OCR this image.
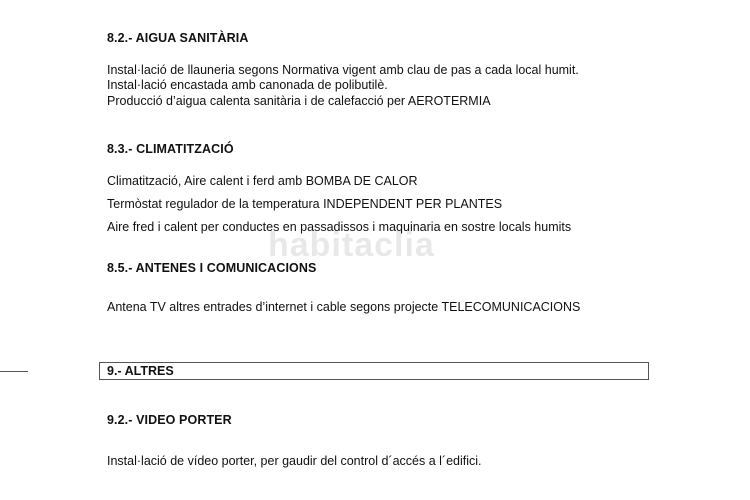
habitaclia
8.2.- AIGUA SANITÀRIA
Instal·lació de llauneria segons Normativa vigent amb clau de pas a cada local humit.
Instal·lació encastada amb canonada de polibutilè.
Producció d’aigua calenta sanitària i de calefacció per AEROTERMIA
8.3.- CLIMATITZACIÓ
Climatització, Aire calent i ferd amb BOMBA DE CALOR
Termòstat regulador de la temperatura INDEPENDENT PER PLANTES
Aire fred i calent per conductes en passadissos i maquinaria en sostre locals humits
8.5.- ANTENES I COMUNICACIONS
Antena TV altres entrades d’internet i cable segons projecte TELECOMUNICACIONS
9.- ALTRES
9.2.- VIDEO PORTER
Instal·lació de vídeo porter, per gaudir del control d´accés a l´edifici.
